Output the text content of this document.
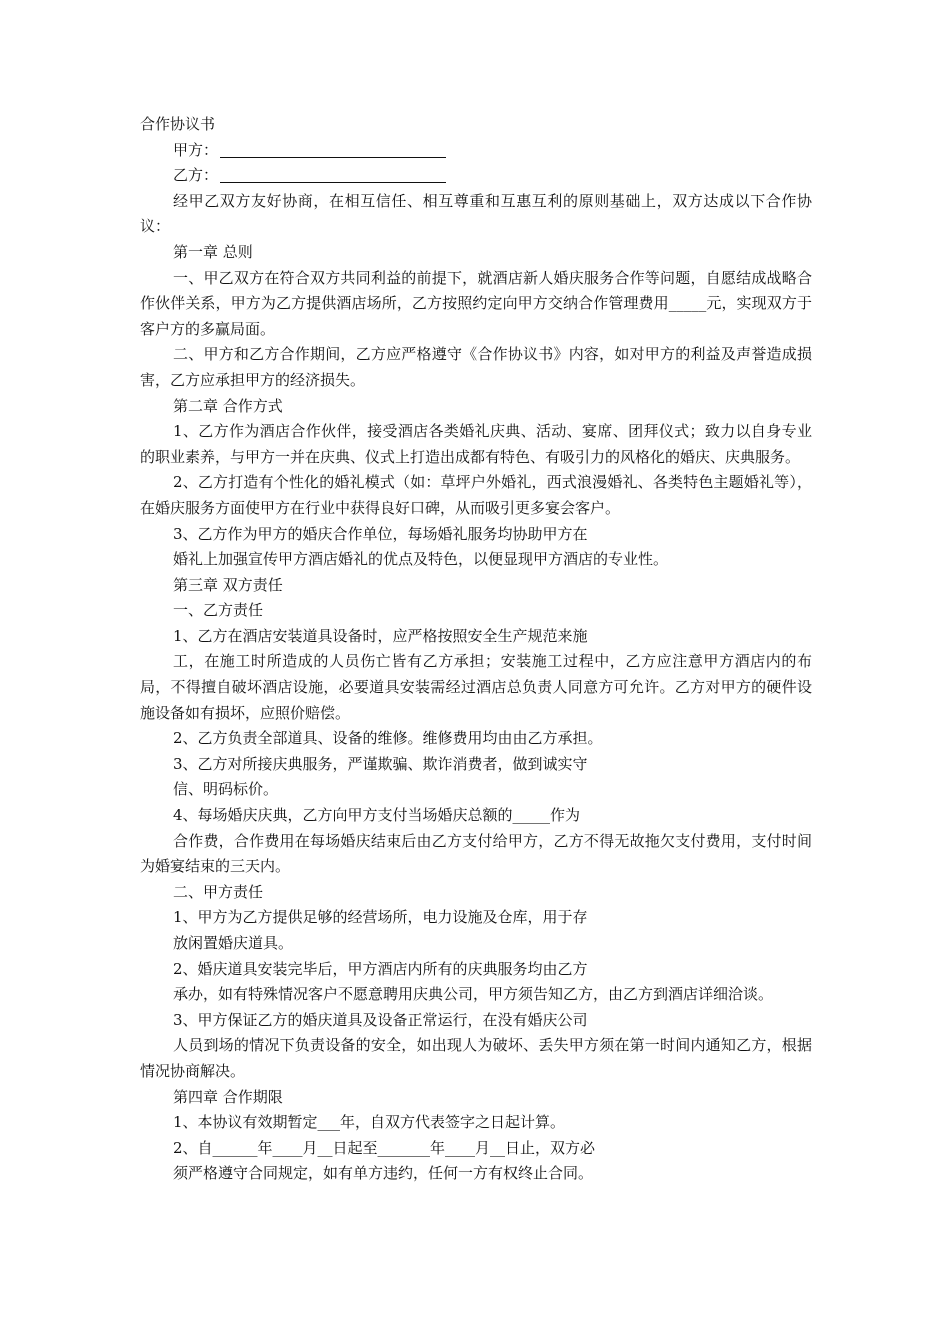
合作协议书

甲方：

乙方：

经甲乙双方友好协商，在相互信任、相互尊重和互惠互利的原则基础上，双方达成以下合作协议：

第一章 总则

一、甲乙双方在符合双方共同利益的前提下，就酒店新人婚庆服务合作等问题，自愿结成战略合作伙伴关系，甲方为乙方提供酒店场所，乙方按照约定向甲方交纳合作管理费用_____元，实现双方于客户方的多赢局面。

二、甲方和乙方合作期间，乙方应严格遵守《合作协议书》内容，如对甲方的利益及声誉造成损害，乙方应承担甲方的经济损失。

第二章 合作方式

1、乙方作为酒店合作伙伴，接受酒店各类婚礼庆典、活动、宴席、团拜仪式；致力以自身专业的职业素养，与甲方一并在庆典、仪式上打造出成都有特色、有吸引力的风格化的婚庆、庆典服务。

2、乙方打造有个性化的婚礼模式（如：草坪户外婚礼，西式浪漫婚礼、各类特色主题婚礼等），在婚庆服务方面使甲方在行业中获得良好口碑，从而吸引更多宴会客户。

3、乙方作为甲方的婚庆合作单位，每场婚礼服务均协助甲方在

婚礼上加强宣传甲方酒店婚礼的优点及特色，以便显现甲方酒店的专业性。

第三章 双方责任

一、乙方责任

1、乙方在酒店安装道具设备时，应严格按照安全生产规范来施

工，在施工时所造成的人员伤亡皆有乙方承担；安装施工过程中，乙方应注意甲方酒店内的布局，不得擅自破坏酒店设施，必要道具安装需经过酒店总负责人同意方可允许。乙方对甲方的硬件设施设备如有损坏，应照价赔偿。

2、乙方负责全部道具、设备的维修。维修费用均由由乙方承担。

3、乙方对所接庆典服务，严谨欺骗、欺诈消费者，做到诚实守

信、明码标价。

4、每场婚庆庆典，乙方向甲方支付当场婚庆总额的_____作为

合作费，合作费用在每场婚庆结束后由乙方支付给甲方，乙方不得无故拖欠支付费用，支付时间为婚宴结束的三天内。

二、甲方责任

1、甲方为乙方提供足够的经营场所，电力设施及仓库，用于存

放闲置婚庆道具。

2、婚庆道具安装完毕后，甲方酒店内所有的庆典服务均由乙方

承办，如有特殊情况客户不愿意聘用庆典公司，甲方须告知乙方，由乙方到酒店详细洽谈。

3、甲方保证乙方的婚庆道具及设备正常运行，在没有婚庆公司

人员到场的情况下负责设备的安全，如出现人为破坏、丢失甲方须在第一时间内通知乙方，根据情况协商解决。

第四章 合作期限

1、本协议有效期暂定___年，自双方代表签字之日起计算。

2、自______年____月__日起至_______年____月__日止，双方必

须严格遵守合同规定，如有单方违约，任何一方有权终止合同。
